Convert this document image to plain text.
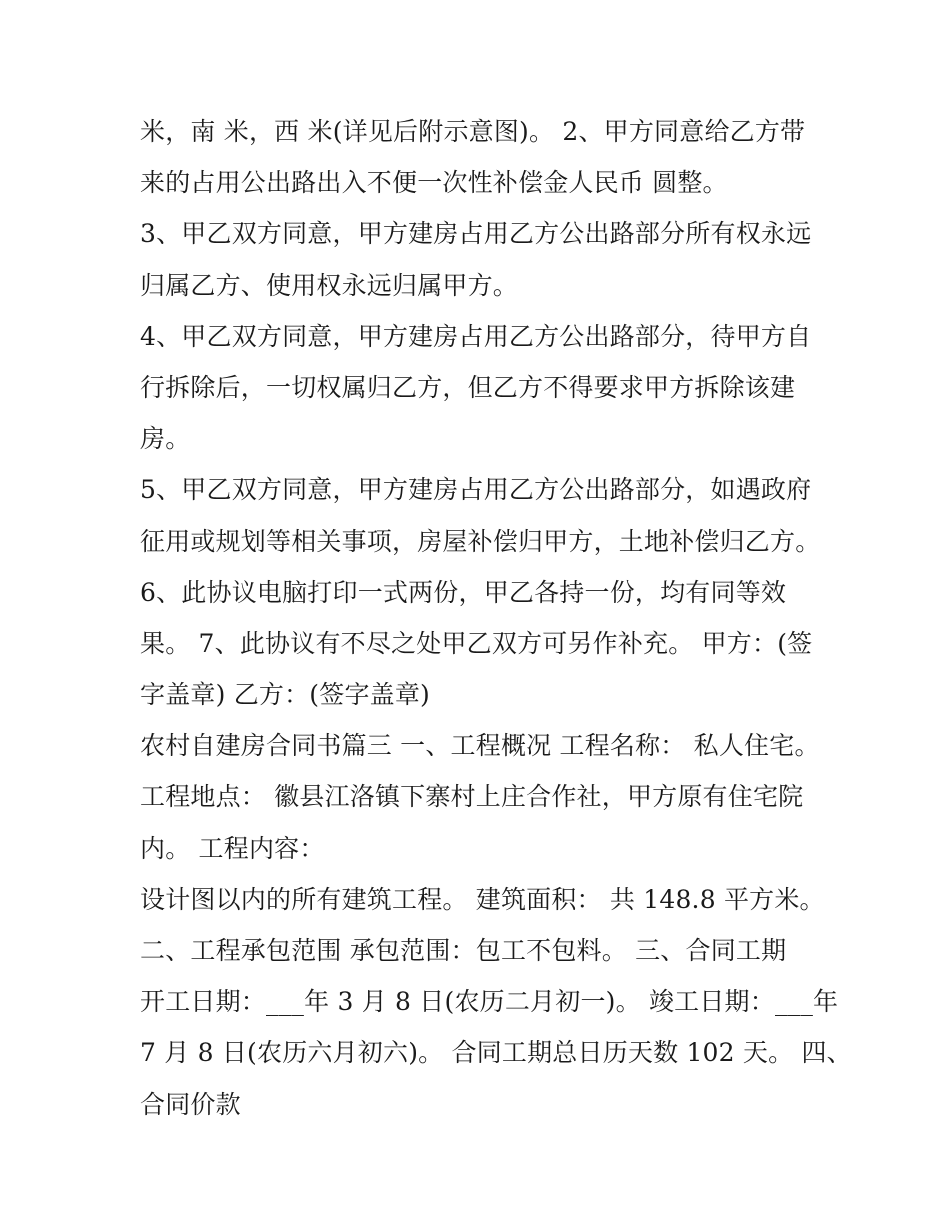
米，南 米，西 米(详见后附示意图)。 2、甲方同意给乙方带
来的占用公出路出入不便一次性补偿金人民币 圆整。
3、甲乙双方同意，甲方建房占用乙方公出路部分所有权永远
归属乙方、使用权永远归属甲方。
4、甲乙双方同意，甲方建房占用乙方公出路部分，待甲方自
行拆除后，一切权属归乙方，但乙方不得要求甲方拆除该建
房。
5、甲乙双方同意，甲方建房占用乙方公出路部分，如遇政府
征用或规划等相关事项，房屋补偿归甲方，土地补偿归乙方。
6、此协议电脑打印一式两份，甲乙各持一份，均有同等效
果。 7、此协议有不尽之处甲乙双方可另作补充。 甲方：(签
字盖章) 乙方：(签字盖章)
农村自建房合同书篇三 一、工程概况 工程名称： 私人住宅。
工程地点： 徽县江洛镇下寨村上庄合作社，甲方原有住宅院
内。 工程内容：
设计图以内的所有建筑工程。 建筑面积： 共 148.8 平方米。
二、工程承包范围 承包范围：包工不包料。 三、合同工期
开工日期：___年 3 月 8 日(农历二月初一)。 竣工日期：___年
7 月 8 日(农历六月初六)。 合同工期总日历天数 102 天。 四、
合同价款
